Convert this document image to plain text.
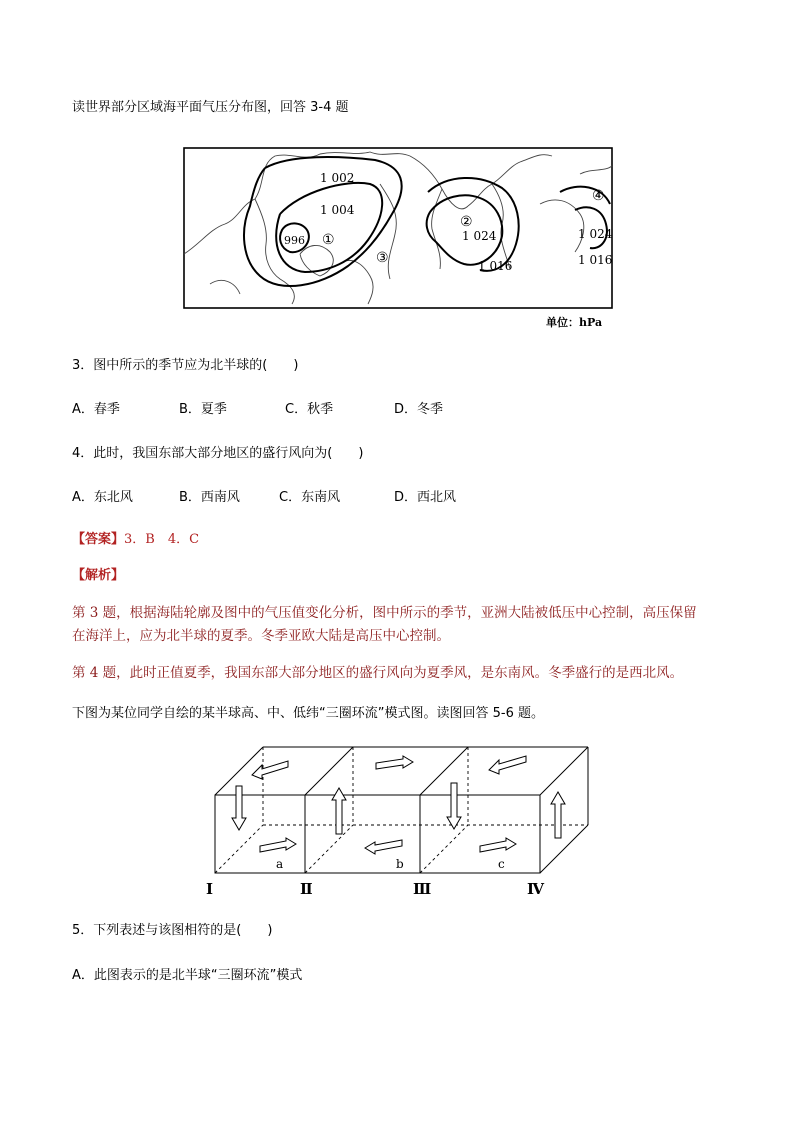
读世界部分区域海平面气压分布图，回答 3-4 题
1 002
1 004
996	1 024
1 016
1 024
1 016
①
②
③
④
单位：hPa
3．图中所示的季节应为北半球的(　　)
A．春季	B．夏季	C．秋季	D．冬季
4．此时，我国东部大部分地区的盛行风向为(　　)
A．东北风	B．西南风	C．东南风	D．西北风
【答案】3．B　4．C
【解析】
第 3 题，根据海陆轮廓及图中的气压值变化分析，图中所示的季节，亚洲大陆被低压中心控制，高压保留
在海洋上，应为北半球的夏季。冬季亚欧大陆是高压中心控制。
第 4 题，此时正值夏季，我国东部大部分地区的盛行风向为夏季风，是东南风。冬季盛行的是西北风。
下图为某位同学自绘的某半球高、中、低纬“三圈环流”模式图。读图回答 5-6 题。
a	b	c
Ⅰ	Ⅱ	Ⅲ	Ⅳ
5．下列表述与该图相符的是(　　)
A．此图表示的是北半球“三圈环流”模式
